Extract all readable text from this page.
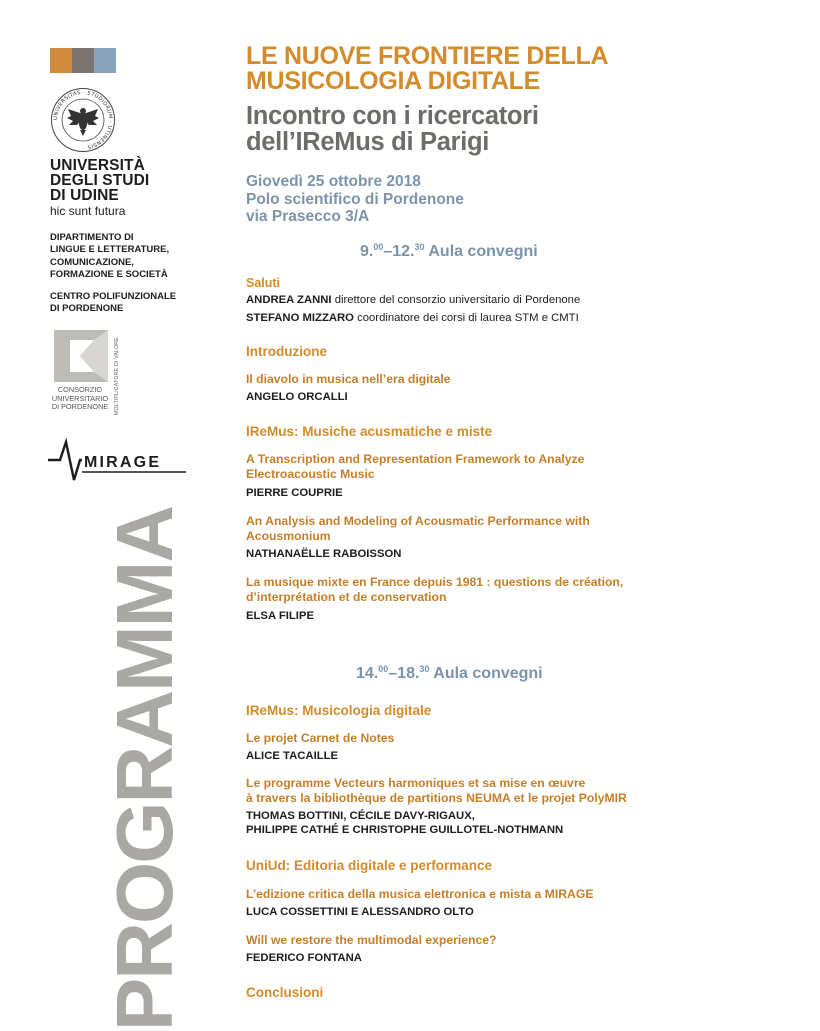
UNIVERSITAS · STUDIORUM · UTINENSIS
UNIVERSITÀ
DEGLI STUDI
DI UDINE
hic sunt futura
DIPARTIMENTO DI
LINGUE E LETTERATURE,
COMUNICAZIONE,
FORMAZIONE E SOCIETÀ
CENTRO POLIFUNZIONALE
DI PORDENONE
CONSORZIO
UNIVERSITARIO
DI PORDENONE	MOLTIPLICATORE DI VALORE
MIRAGE
PROGRAMMA
LE NUOVE FRONTIERE DELLA
MUSICOLOGIA DIGITALE
Incontro con i ricercatori
dell’IReMus di Parigi
Giovedì 25 ottobre 2018
Polo scientifico di Pordenone
via Prasecco 3/A
9.00–12.30 Aula convegni
Saluti
ANDREA ZANNI direttore del consorzio universitario di Pordenone
STEFANO MIZZARO coordinatore dei corsi di laurea STM e CMTI
Introduzione
Il diavolo in musica nell’era digitale
ANGELO ORCALLI
IReMus: Musiche acusmatiche e miste
A Transcription and Representation Framework to Analyze
Electroacoustic Music
PIERRE COUPRIE
An Analysis and Modeling of Acousmatic Performance with
Acousmonium
NATHANAËLLE RABOISSON
La musique mixte en France depuis 1981 : questions de création,
d’interprétation et de conservation
ELSA FILIPE
14.00–18.30 Aula convegni
IReMus: Musicologia digitale
Le projet Carnet de Notes
ALICE TACAILLE
Le programme Vecteurs harmoniques et sa mise en œuvre
à travers la bibliothèque de partitions NEUMA et le projet PolyMIR
THOMAS BOTTINI, CÉCILE DAVY-RIGAUX,
PHILIPPE CATHÉ E CHRISTOPHE GUILLOTEL-NOTHMANN
UniUd: Editoria digitale e performance
L’edizione critica della musica elettronica e mista a MIRAGE
LUCA COSSETTINI E ALESSANDRO OLTO
Will we restore the multimodal experience?
FEDERICO FONTANA
Conclusioni
